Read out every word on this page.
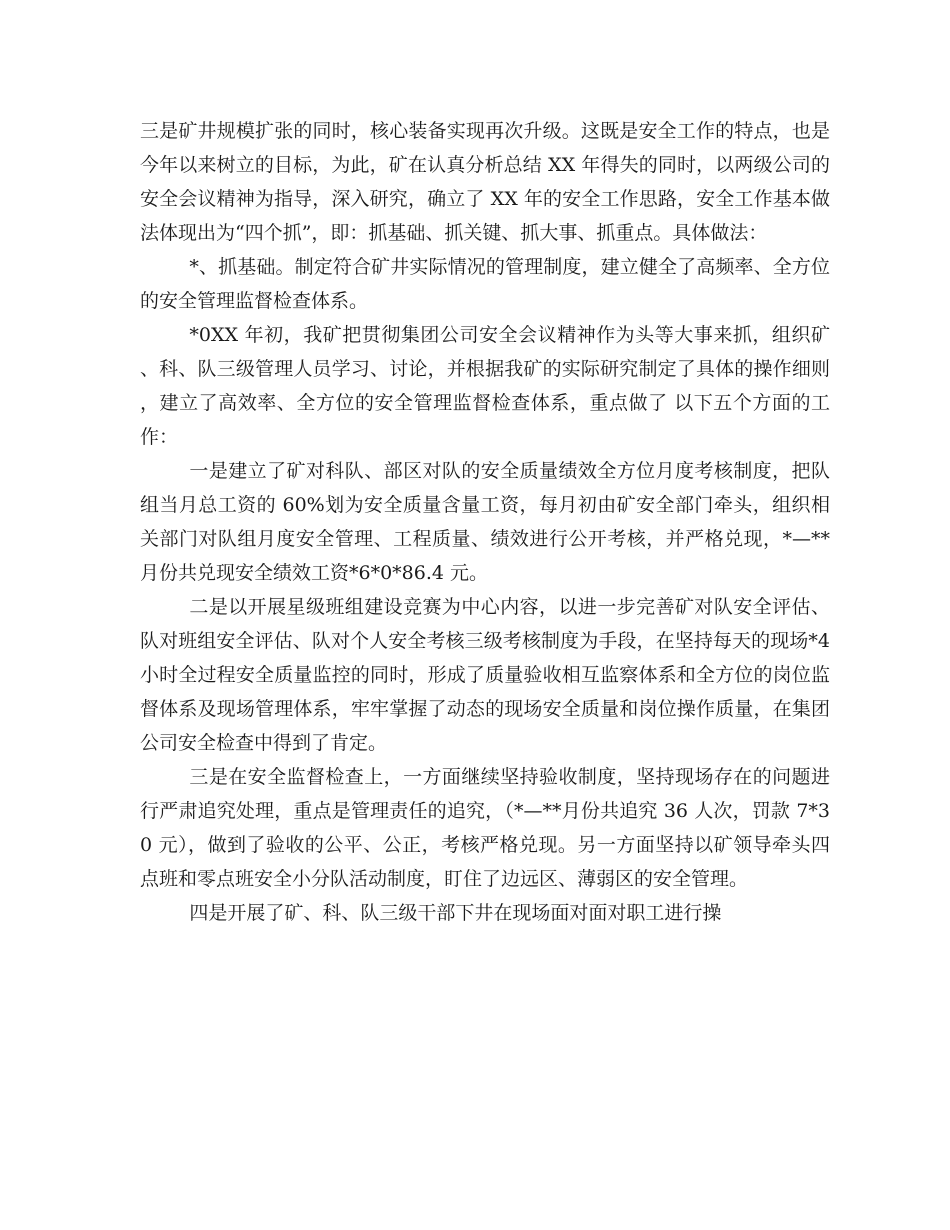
三是矿井规模扩张的同时，核心装备实现再次升级。这既是安全工作的特点，也是今年以来树立的目标，为此，矿在认真分析总结 XX 年得失的同时，以两级公司的安全会议精神为指导，深入研究，确立了 XX 年的安全工作思路，安全工作基本做法体现出为“四个抓”，即：抓基础、抓关键、抓大事、抓重点。具体做法：

*、抓基础。制定符合矿井实际情况的管理制度，建立健全了高频率、全方位的安全管理监督检查体系。

*0XX 年初，我矿把贯彻集团公司安全会议精神作为头等大事来抓，组织矿、科、队三级管理人员学习、讨论，并根据我矿的实际研究制定了具体的操作细则，建立了高效率、全方位的安全管理监督检查体系，重点做了 以下五个方面的工作：

一是建立了矿对科队、部区对队的安全质量绩效全方位月度考核制度，把队组当月总工资的 60%划为安全质量含量工资，每月初由矿安全部门牵头，组织相关部门对队组月度安全管理、工程质量、绩效进行公开考核，并严格兑现，*—**月份共兑现安全绩效工资*6*0*86.4 元。

二是以开展星级班组建设竞赛为中心内容，以进一步完善矿对队安全评估、队对班组安全评估、队对个人安全考核三级考核制度为手段，在坚持每天的现场*4 小时全过程安全质量监控的同时，形成了质量验收相互监察体系和全方位的岗位监督体系及现场管理体系，牢牢掌握了动态的现场安全质量和岗位操作质量，在集团公司安全检查中得到了肯定。

三是在安全监督检查上，一方面继续坚持验收制度，坚持现场存在的问题进行严肃追究处理，重点是管理责任的追究，（*—**月份共追究 36 人次，罚款 7*30 元），做到了验收的公平、公正，考核严格兑现。另一方面坚持以矿领导牵头四点班和零点班安全小分队活动制度，盯住了边远区、薄弱区的安全管理。

四是开展了矿、科、队三级干部下井在现场面对面对职工进行操
